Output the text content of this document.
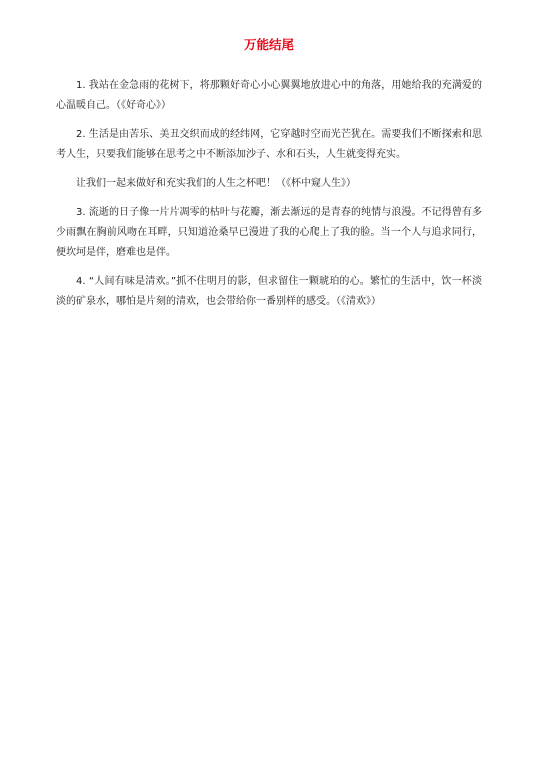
万能结尾

1. 我站在金急雨的花树下，将那颗好奇心小心翼翼地放进心中的角落，用她给我的充满爱的心温暖自己。（《好奇心》）

2. 生活是由苦乐、美丑交织而成的经纬网，它穿越时空而光芒犹在。需要我们不断探索和思考人生，只要我们能够在思考之中不断添加沙子、水和石头，人生就变得充实。

让我们一起来做好和充实我们的人生之杯吧！（《杯中窥人生》）

3. 流逝的日子像一片片凋零的枯叶与花瓣，渐去渐远的是青春的纯情与浪漫。不记得曾有多少雨飘在胸前风吻在耳畔，只知道沧桑早已漫进了我的心爬上了我的脸。当一个人与追求同行，便坎坷是伴，磨难也是伴。

4. “人间有味是清欢。”抓不住明月的影，但求留住一颗琥珀的心。繁忙的生活中，饮一杯淡淡的矿泉水，哪怕是片刻的清欢，也会带给你一番别样的感受。（《清欢》）
